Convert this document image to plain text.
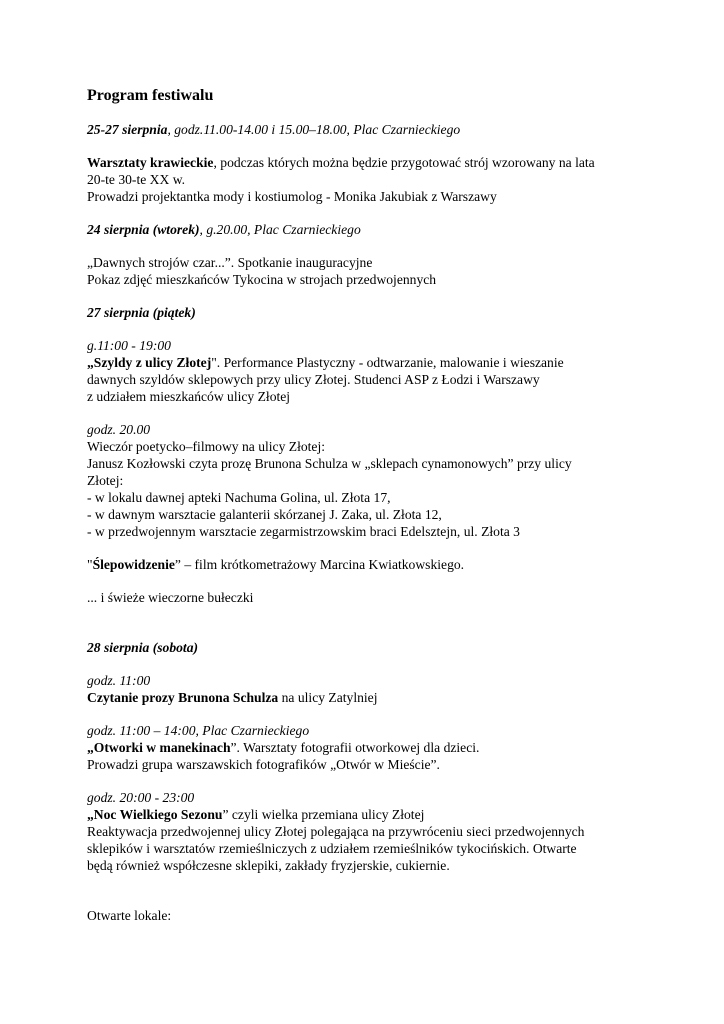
Program festiwalu
25-27 sierpnia, godz.11.00-14.00 i 15.00–18.00, Plac Czarnieckiego
Warsztaty krawieckie, podczas których można będzie przygotować strój wzorowany na lata
20-te 30-te XX w.
Prowadzi projektantka mody i kostiumolog - Monika Jakubiak z Warszawy
24 sierpnia (wtorek), g.20.00, Plac Czarnieckiego
„Dawnych strojów czar...”. Spotkanie inauguracyjne
Pokaz zdjęć mieszkańców Tykocina w strojach przedwojennych
27 sierpnia (piątek)
g.11:00 - 19:00
„Szyldy z ulicy Złotej". Performance Plastyczny - odtwarzanie, malowanie i wieszanie
dawnych szyldów sklepowych przy ulicy Złotej. Studenci ASP z Łodzi i Warszawy
z udziałem mieszkańców ulicy Złotej
godz. 20.00
Wieczór poetycko–filmowy na ulicy Złotej:
Janusz Kozłowski czyta prozę Brunona Schulza w „sklepach cynamonowych” przy ulicy
Złotej:
- w lokalu dawnej apteki Nachuma Golina, ul. Złota 17,
- w dawnym warsztacie galanterii skórzanej J. Zaka, ul. Złota 12,
- w przedwojennym warsztacie zegarmistrzowskim braci Edelsztejn, ul. Złota 3
"Ślepowidzenie” – film krótkometrażowy Marcina Kwiatkowskiego.
... i świeże wieczorne bułeczki
28 sierpnia (sobota)
godz. 11:00
Czytanie prozy Brunona Schulza na ulicy Zatylniej
godz. 11:00 – 14:00, Plac Czarnieckiego
„Otworki w manekinach”. Warsztaty fotografii otworkowej dla dzieci.
Prowadzi grupa warszawskich fotografików „Otwór w Mieście”.
godz. 20:00 - 23:00
„Noc Wielkiego Sezonu” czyli wielka przemiana ulicy Złotej
Reaktywacja przedwojennej ulicy Złotej polegająca na przywróceniu sieci przedwojennych
sklepików i warsztatów rzemieślniczych z udziałem rzemieślników tykocińskich. Otwarte
będą również współczesne sklepiki, zakłady fryzjerskie, cukiernie.
Otwarte lokale:
